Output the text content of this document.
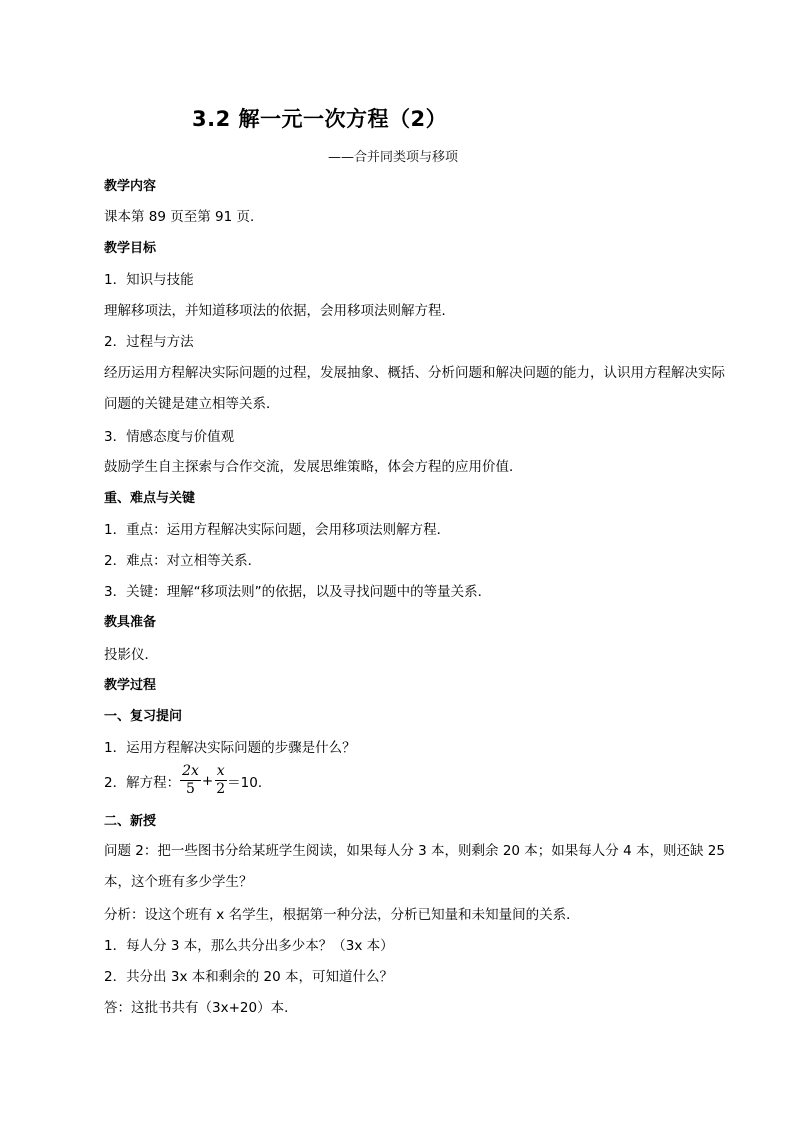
3.2 解一元一次方程（2）
——合并同类项与移项
教学内容
课本第 89 页至第 91 页．
教学目标
1．知识与技能
理解移项法，并知道移项法的依据，会用移项法则解方程．
2．过程与方法
经历运用方程解决实际问题的过程，发展抽象、概括、分析问题和解决问题的能力，认识用方程解决实际问题的关键是建立相等关系．
3．情感态度与价值观
鼓励学生自主探索与合作交流，发展思维策略，体会方程的应用价值．
重、难点与关键
1．重点：运用方程解决实际问题，会用移项法则解方程．
2．难点：对立相等关系．
3．关键：理解“移项法则”的依据，以及寻找问题中的等量关系．
教具准备
投影仪．
教学过程
一、复习提问
1．运用方程解决实际问题的步骤是什么？
2．解方程： $\frac{2x}{5} + \frac{x}{2} =10$．
二、新授
问题 2：把一些图书分给某班学生阅读，如果每人分 3 本，则剩余 20 本；如果每人分 4 本，则还缺 25 本，这个班有多少学生？
分析：设这个班有 x 名学生，根据第一种分法，分析已知量和未知量间的关系．
1．每人分 3 本，那么共分出多少本？（3x 本）
2．共分出 3x 本和剩余的 20 本，可知道什么？
答：这批书共有（3x+20）本．
